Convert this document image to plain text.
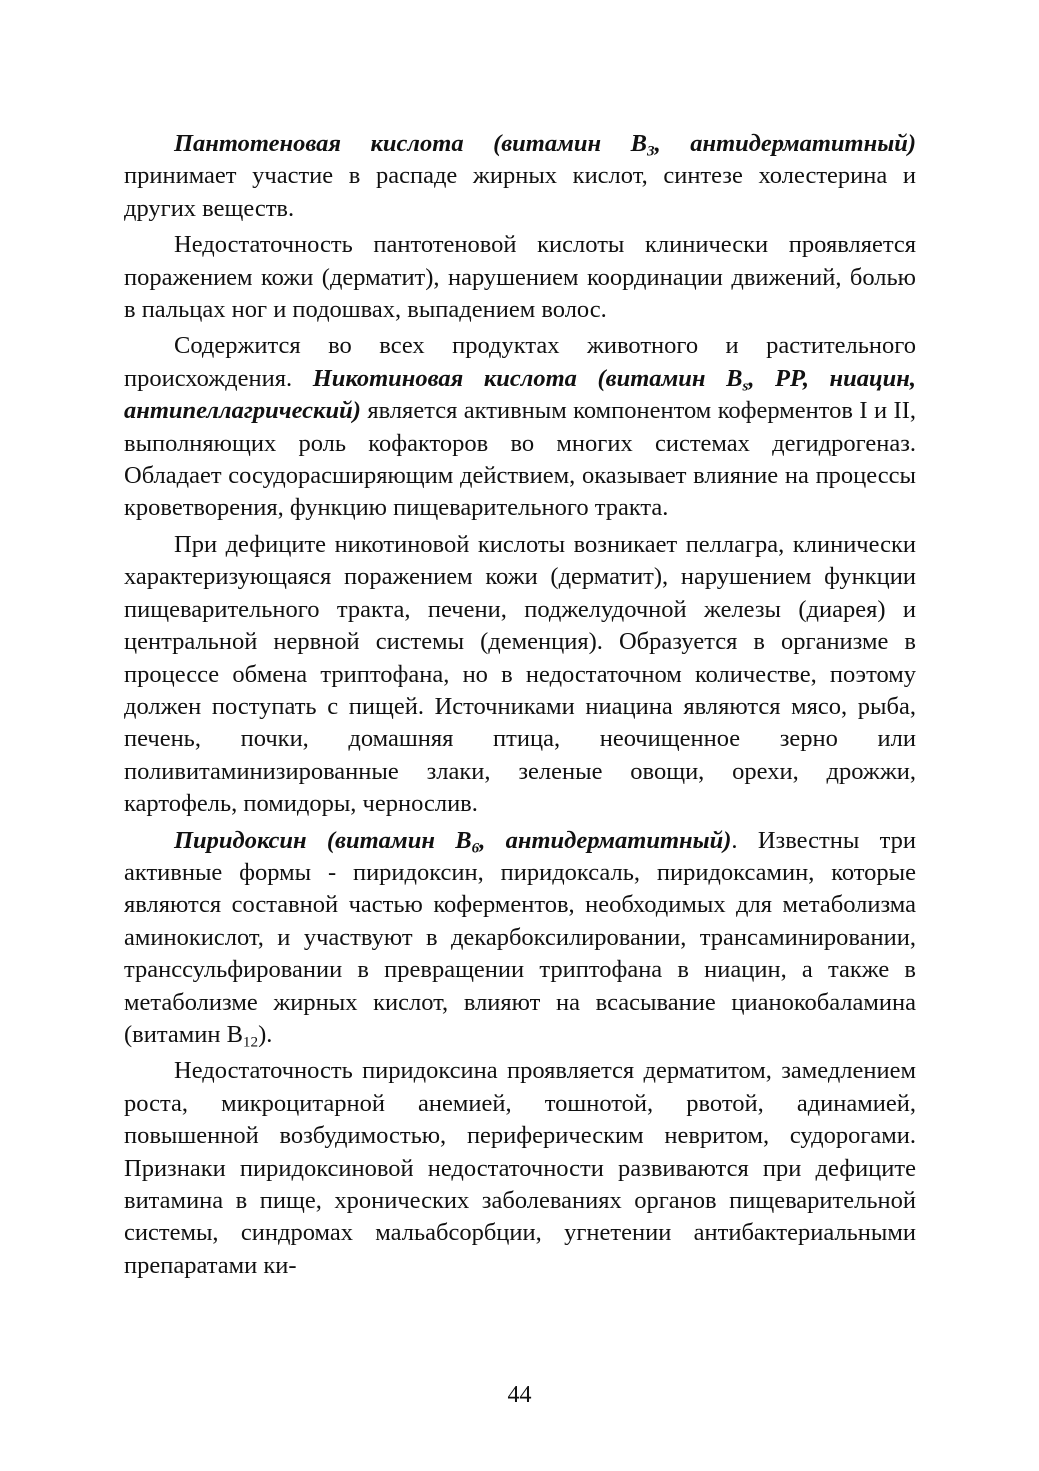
Пантотеновая кислота (витамин $В_3$, антидерматитный) принимает участие в распаде жирных кислот, синтезе холестерина и других веществ.

Недостаточность пантотеновой кислоты клинически проявляется поражением кожи (дерматит), нарушением координации движений, болью в пальцах ног и подошвах, выпадением волос.

Содержится во всех продуктах животного и растительного происхождения. Никотиновая кислота (витамин $В_s$, РР, ниацин, антипеллагрический) является активным компонентом коферментов I и II, выполняющих роль кофакторов во многих системах дегидрогеназ. Обладает сосудорасширяющим действием, оказывает влияние на процессы кроветворения, функцию пищеварительного тракта.

При дефиците никотиновой кислоты возникает пеллагра, клинически характеризующаяся поражением кожи (дерматит), нарушением функции пищеварительного тракта, печени, поджелудочной железы (диарея) и центральной нервной системы (деменция). Образуется в организме в процессе обмена триптофана, но в недостаточном количестве, поэтому должен поступать с пищей. Источниками ниацина являются мясо, рыба, печень, почки, домашняя птица, неочищенное зерно или поливитаминизированные злаки, зеленые овощи, орехи, дрожжи, картофель, помидоры, чернослив.

Пиридоксин (витамин $В_6$, антидерматитный). Известны три активные формы - пиридоксин, пиридоксаль, пиридоксамин, которые являются составной частью коферментов, необходимых для метаболизма аминокислот, и участвуют в декарбоксилировании, трансаминировании, транссульфировании в превращении триптофана в ниацин, а также в метаболизме жирных кислот, влияют на всасывание цианокобаламина (витамин $В_{12}$).

Недостаточность пиридоксина проявляется дерматитом, замедлением роста, микроцитарной анемией, тошнотой, рвотой, адинамией, повышенной возбудимостью, периферическим невритом, судорогами. Признаки пиридоксиновой недостаточности развиваются при дефиците витамина в пище, хронических заболеваниях органов пищеварительной системы, синдромах мальабсорбции, угнетении антибактериальными препаратами ки-

44
